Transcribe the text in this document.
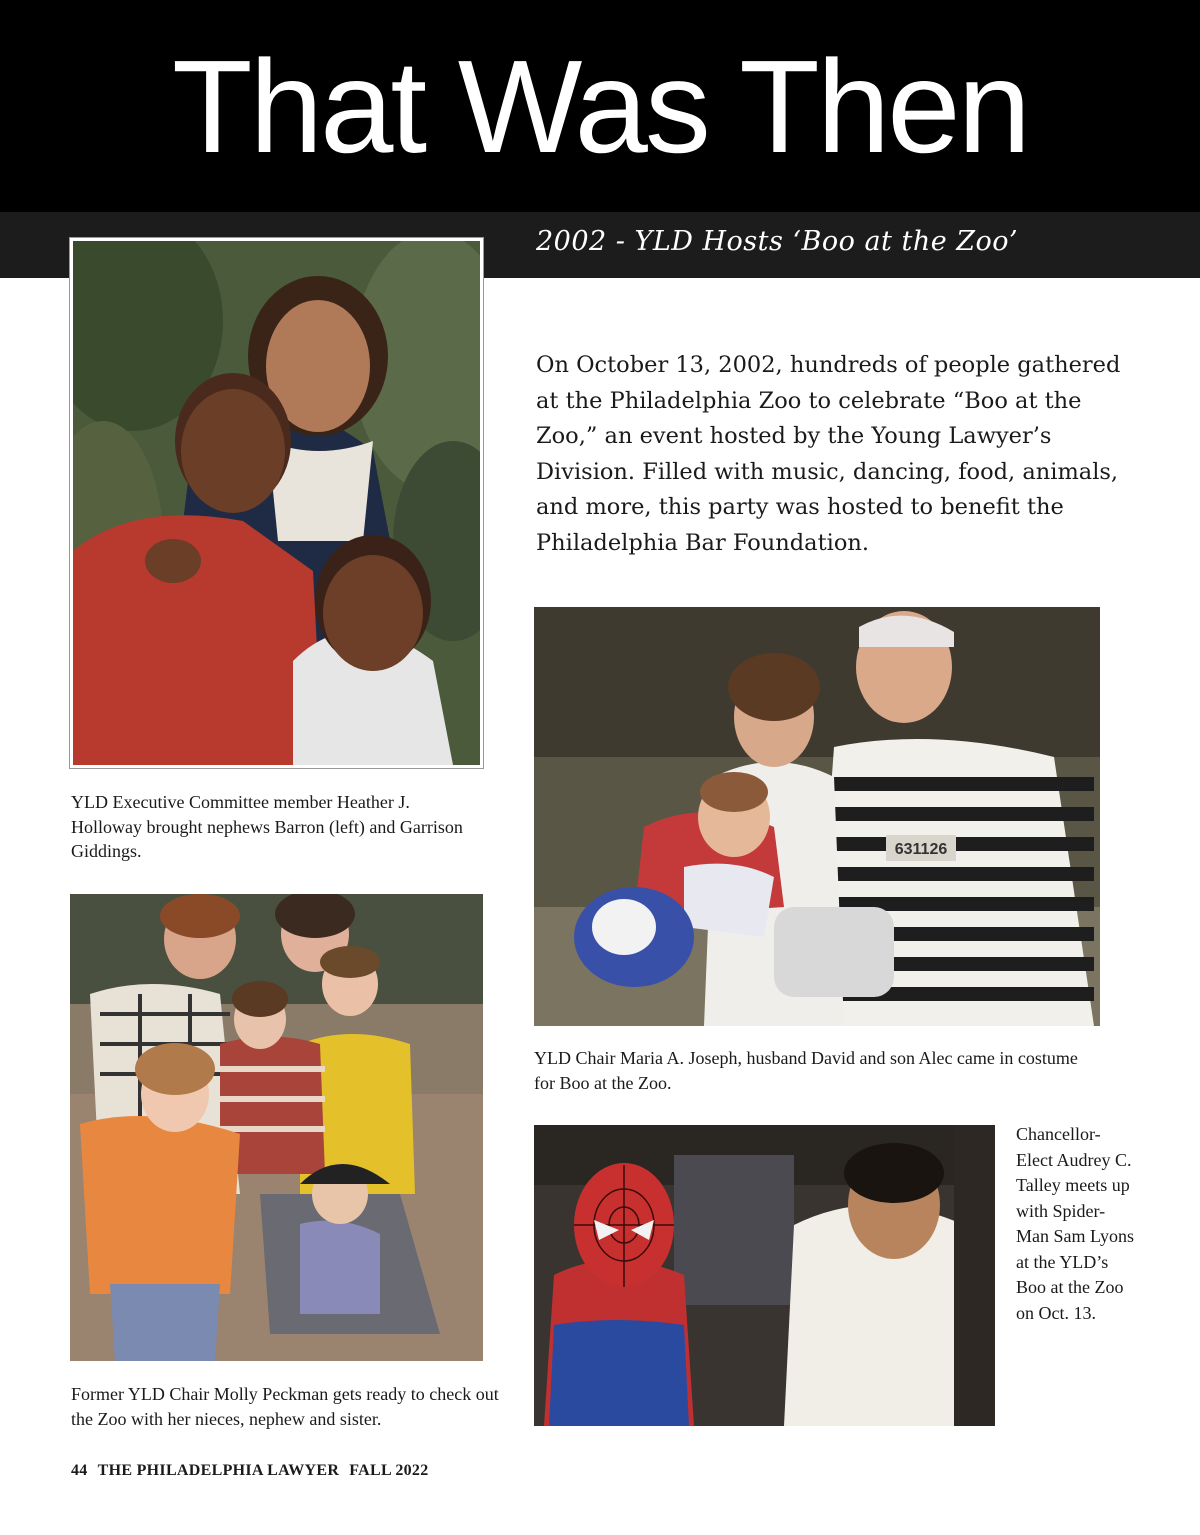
That Was Then
2002 - YLD Hosts ‘Boo at the Zoo’

On October 13, 2002, hundreds of people gathered at the Philadelphia Zoo to celebrate “Boo at the Zoo,” an event hosted by the Young Lawyer’s Division. Filled with music, dancing, food, animals, and more, this party was hosted to benefit the Philadelphia Bar Foundation.

631126

YLD Executive Committee member Heather J. Holloway brought nephews Barron (left) and Garrison Giddings.

YLD Chair Maria A. Joseph, husband David and son Alec came in costume for Boo at the Zoo.

Former YLD Chair Molly Peckman gets ready to check out the Zoo with her nieces, nephew and sister.

Chancellor-Elect Audrey C. Talley meets up with Spider-Man Sam Lyons at the YLD’s Boo at the Zoo on Oct. 13.

44 THE PHILADELPHIA LAWYER FALL 2022
